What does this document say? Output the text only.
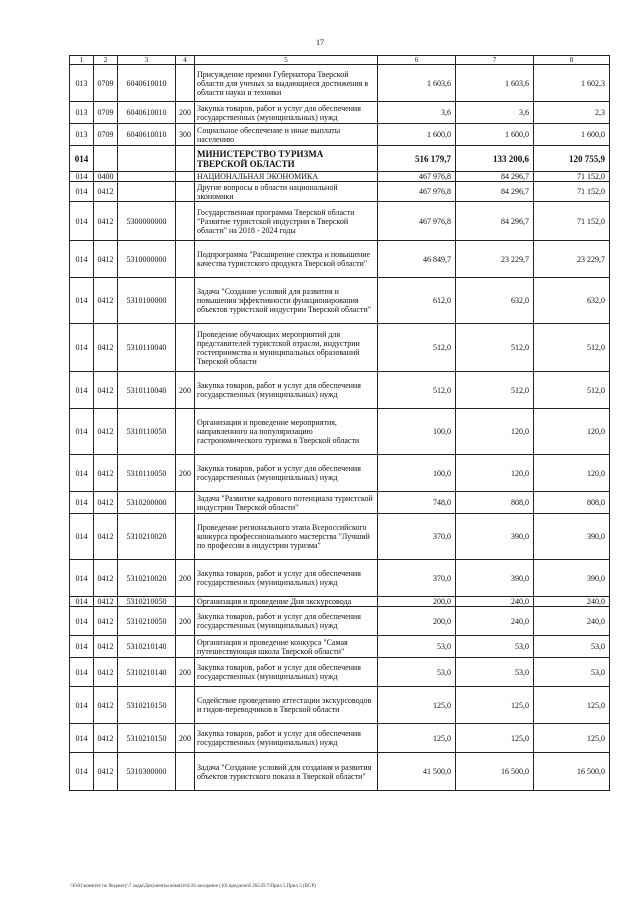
17
1	2	3	4	5	6	7	8
013	0709	6040610010		Присуждение премии Губернатора Тверской области для ученых за выдающиеся достижения в области науки и техники	1 603,6	1 603,6	1 602,3
013	0709	6040610010	200	Закупка товаров, работ и услуг для обеспечения государственных (муниципальных) нужд	3,6	3,6	2,3
013	0709	6040610010	300	Социальное обеспечение и иные выплаты населению	1 600,0	1 600,0	1 600,0
014				МИНИСТЕРСТВО ТУРИЗМА ТВЕРСКОЙ ОБЛАСТИ	516 179,7	133 200,6	120 755,9
014	0400			НАЦИОНАЛЬНАЯ ЭКОНОМИКА	467 976,8	84 296,7	71 152,0
014	0412			Другие вопросы в области национальной экономики	467 976,8	84 296,7	71 152,0
014	0412	5300000000		Государственная программа Тверской области "Развитие туристской индустрии в Тверской области" на 2018 - 2024 годы	467 976,8	84 296,7	71 152,0
014	0412	5310000000		Подпрограмма "Расширение спектра и повышение качества туристского продукта Тверской области"	46 849,7	23 229,7	23 229,7
014	0412	5310100000		Задача "Создание условий для развития и повышения эффективности функционирования объектов туристской индустрии Тверской области"	612,0	632,0	632,0
014	0412	5310110040		Проведение обучающих мероприятий для представителей туристской отрасли, индустрии гостеприимства и муниципальных образований Тверской области	512,0	512,0	512,0
014	0412	5310110040	200	Закупка товаров, работ и услуг для обеспечения государственных (муниципальных) нужд	512,0	512,0	512,0
014	0412	5310110050		Организация и проведение мероприятия, направленного на популяризацию гастрономического туризма в Тверской области	100,0	120,0	120,0
014	0412	5310110050	200	Закупка товаров, работ и услуг для обеспечения государственных (муниципальных) нужд	100,0	120,0	120,0
014	0412	5310200000		Задача "Развитие кадрового потенциала туристской индустрии Тверской области"	748,0	808,0	808,0
014	0412	5310210020		Проведение регионального этапа Всероссийского конкурса профессионального мастерства "Лучший по профессии в индустрии туризма"	370,0	390,0	390,0
014	0412	5310210020	200	Закупка товаров, работ и услуг для обеспечения государственных (муниципальных) нужд	370,0	390,0	390,0
014	0412	5310210050		Организация и проведение Дня экскурсовода	200,0	240,0	240,0
014	0412	5310210050	200	Закупка товаров, работ и услуг для обеспечения государственных (муниципальных) нужд	200,0	240,0	240,0
014	0412	5310210140		Организация и проведение конкурса "Самая путешествующая школа Тверской области"	53,0	53,0	53,0
014	0412	5310210140	200	Закупка товаров, работ и услуг для обеспечения государственных (муниципальных) нужд	53,0	53,0	53,0
014	0412	5310210150		Содействие проведению аттестации экскурсоводов и гидов-переводчиков в Тверской области	125,0	125,0	125,0
014	0412	5310210150	200	Закупка товаров, работ и услуг для обеспечения государственных (муниципальных) нужд	125,0	125,0	125,0
014	0412	5310300000		Задача "Создание условий для создания и развития объектов туристского показа в Тверской области"	41 500,0	16 500,0	16 500,0
\\Fs01\комитет по бюджету\7 ходы\Документы комитета\16 заседание (10) предлож\8 265-П-7\Прил 5 Прил 5 (ВСР)
